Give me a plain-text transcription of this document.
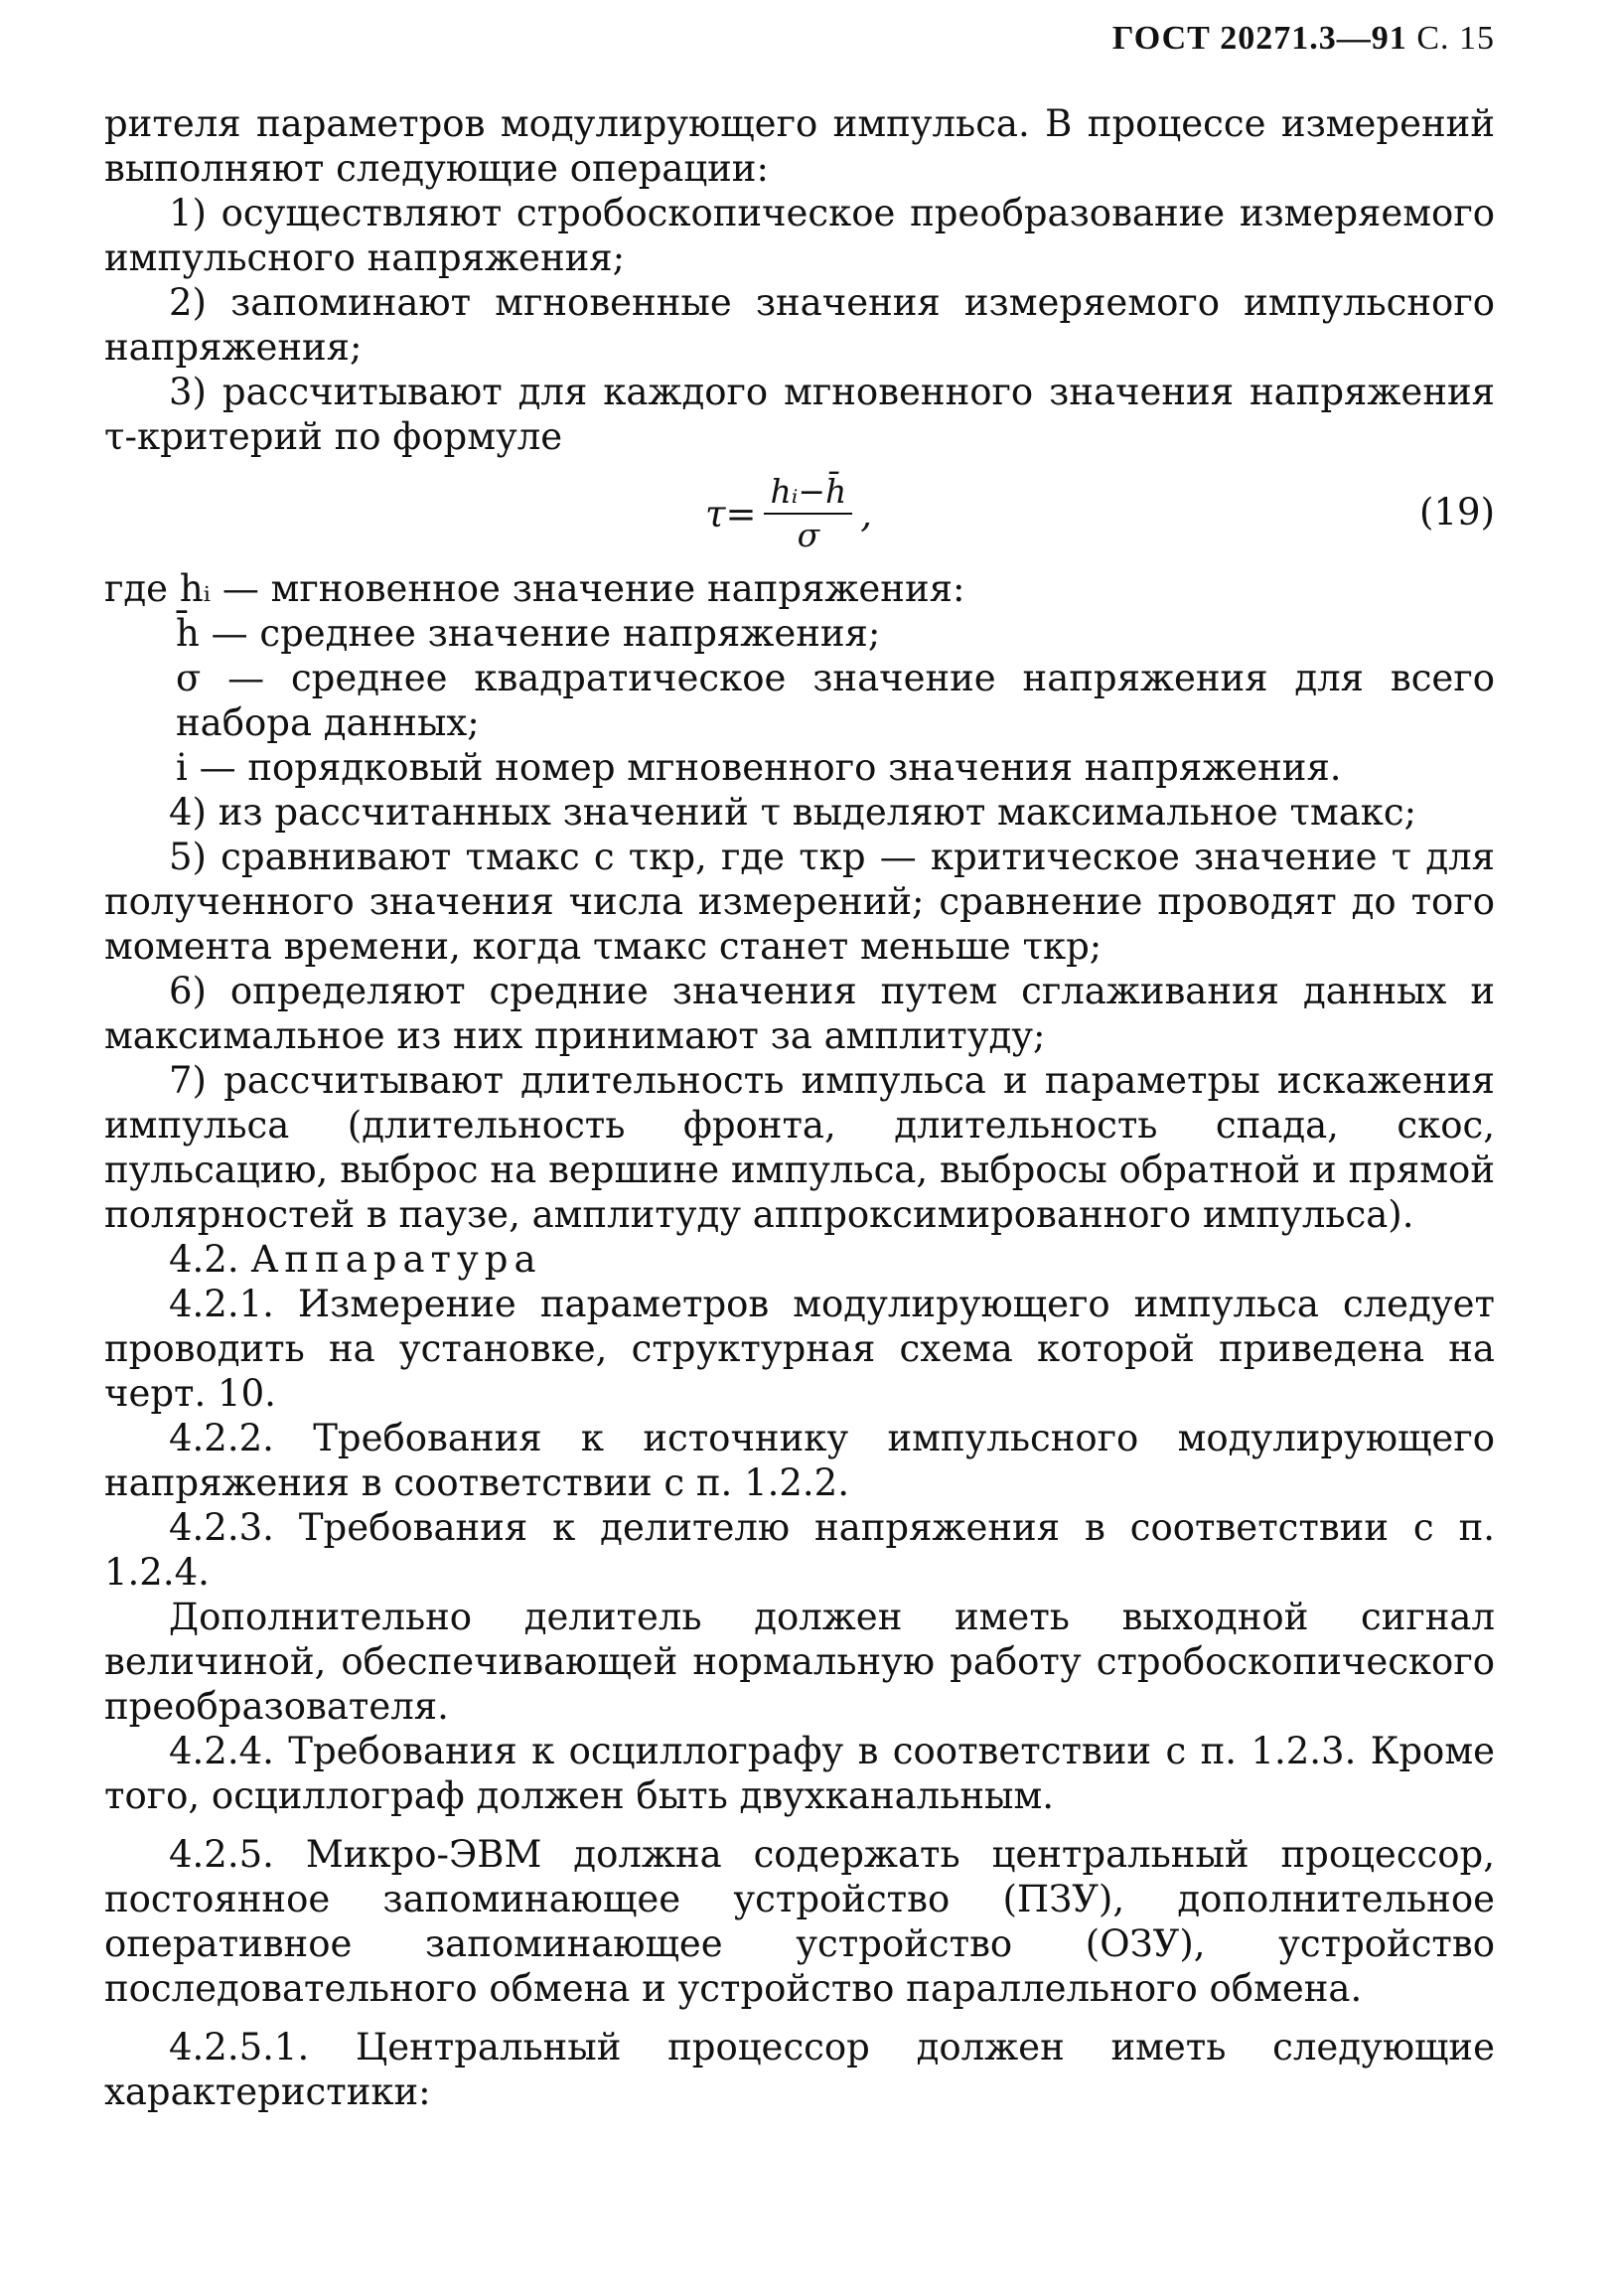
ГОСТ 20271.3—91 С. 15

рителя параметров модулирующего импульса. В процессе измерений выполняют следующие операции:

1) осуществляют стробоскопическое преобразование измеряемого импульсного напряжения;

2) запоминают мгновенные значения измеряемого импульсного напряжения;

3) рассчитывают для каждого мгновенного значения напряжения τ-критерий по формуле

$\tau= \frac{\text{hᵢ−h̄}}{\sigma}$ ,	(19)

где hᵢ — мгновенное значение напряжения:

h̄ — среднее значение напряжения;

σ — среднее квадратическое значение напряжения для всего набора данных;

i — порядковый номер мгновенного значения напряжения.

4) из рассчитанных значений τ выделяют максимальное τмакс;

5) сравнивают τмакс с τкр, где τкр — критическое значение τ для полученного значения числа измерений; сравнение проводят до того момента времени, когда τмакс станет меньше τкр;

6) определяют средние значения путем сглаживания данных и максимальное из них принимают за амплитуду;

7) рассчитывают длительность импульса и параметры искажения импульса (длительность фронта, длительность спада, скос, пульсацию, выброс на вершине импульса, выбросы обратной и прямой полярностей в паузе, амплитуду аппроксимированного импульса).

4.2. Аппаратура

4.2.1. Измерение параметров модулирующего импульса следует проводить на установке, структурная схема которой приведена на черт. 10.

4.2.2. Требования к источнику импульсного модулирующего напряжения в соответствии с п. 1.2.2.

4.2.3. Требования к делителю напряжения в соответствии с п. 1.2.4.

Дополнительно делитель должен иметь выходной сигнал величиной, обеспечивающей нормальную работу стробоскопического преобразователя.

4.2.4. Требования к осциллографу в соответствии с п. 1.2.3. Кроме того, осциллограф должен быть двухканальным.

4.2.5. Микро-ЭВМ должна содержать центральный процессор, постоянное запоминающее устройство (ПЗУ), дополнительное оперативное запоминающее устройство (ОЗУ), устройство последовательного обмена и устройство параллельного обмена.

4.2.5.1. Центральный процессор должен иметь следующие характеристики:
